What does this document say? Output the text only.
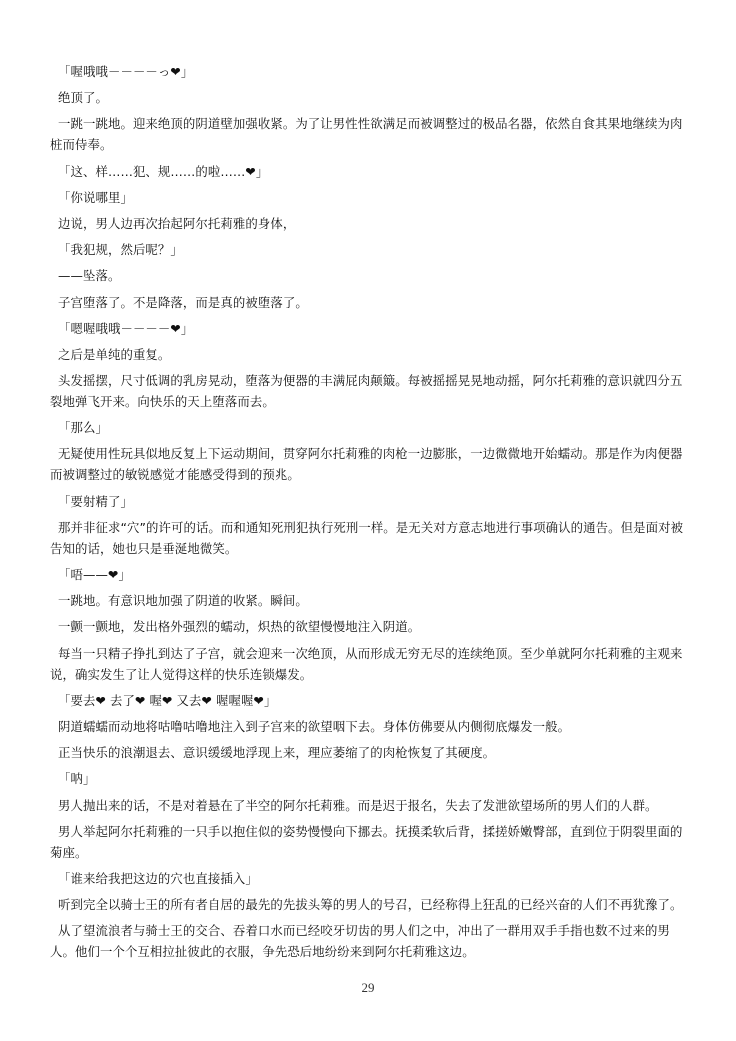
「喔哦哦－－－－っ❤」

绝顶了。

一跳一跳地。迎来绝顶的阴道壁加强收紧。为了让男性性欲满足而被调整过的极品名器，依然自食其果地继续为肉桩而侍奉。

「这、样……犯、规……的啦……❤」

「你说哪里」

边说，男人边再次抬起阿尔托莉雅的身体，

「我犯规，然后呢？」

——坠落。

子宫堕落了。不是降落，而是真的被堕落了。

「嗯喔哦哦－－－－❤」

之后是单纯的重复。

头发摇摆，尺寸低调的乳房晃动，堕落为便器的丰满屁肉颠簸。每被摇摇晃晃地动摇，阿尔托莉雅的意识就四分五裂地弹飞开来。向快乐的天上堕落而去。

「那么」

无疑使用性玩具似地反复上下运动期间，贯穿阿尔托莉雅的肉枪一边膨胀，一边微微地开始蠕动。那是作为肉便器而被调整过的敏锐感觉才能感受得到的预兆。

「要射精了」

那并非征求“穴”的许可的话。而和通知死刑犯执行死刑一样。是无关对方意志地进行事项确认的通告。但是面对被告知的话，她也只是垂涎地微笑。

「唔——❤」

一跳地。有意识地加强了阴道的收紧。瞬间。

一颤一颤地，发出格外强烈的蠕动，炽热的欲望慢慢地注入阴道。

每当一只精子挣扎到达了子宫，就会迎来一次绝顶，从而形成无穷无尽的连续绝顶。至少单就阿尔托莉雅的主观来说，确实发生了让人觉得这样的快乐连锁爆发。

「要去❤ 去了❤ 喔❤ 又去❤ 喔喔喔❤」

阴道蠕蠕而动地将咕噜咕噜地注入到子宫来的欲望咽下去。身体仿佛要从内侧彻底爆发一般。

正当快乐的浪潮退去、意识缓缓地浮现上来，理应萎缩了的肉枪恢复了其硬度。

「呐」

男人抛出来的话，不是对着悬在了半空的阿尔托莉雅。而是迟于报名，失去了发泄欲望场所的男人们的人群。

男人举起阿尔托莉雅的一只手以抱住似的姿势慢慢向下挪去。抚摸柔软后背，揉搓娇嫩臀部，直到位于阴裂里面的菊座。

「谁来给我把这边的穴也直接插入」

听到完全以骑士王的所有者自居的最先的先拔头筹的男人的号召，已经称得上狂乱的已经兴奋的人们不再犹豫了。

从了望流浪者与骑士王的交合、吞着口水而已经咬牙切齿的男人们之中，冲出了一群用双手手指也数不过来的男人。他们一个个互相拉扯彼此的衣服，争先恐后地纷纷来到阿尔托莉雅这边。

29
